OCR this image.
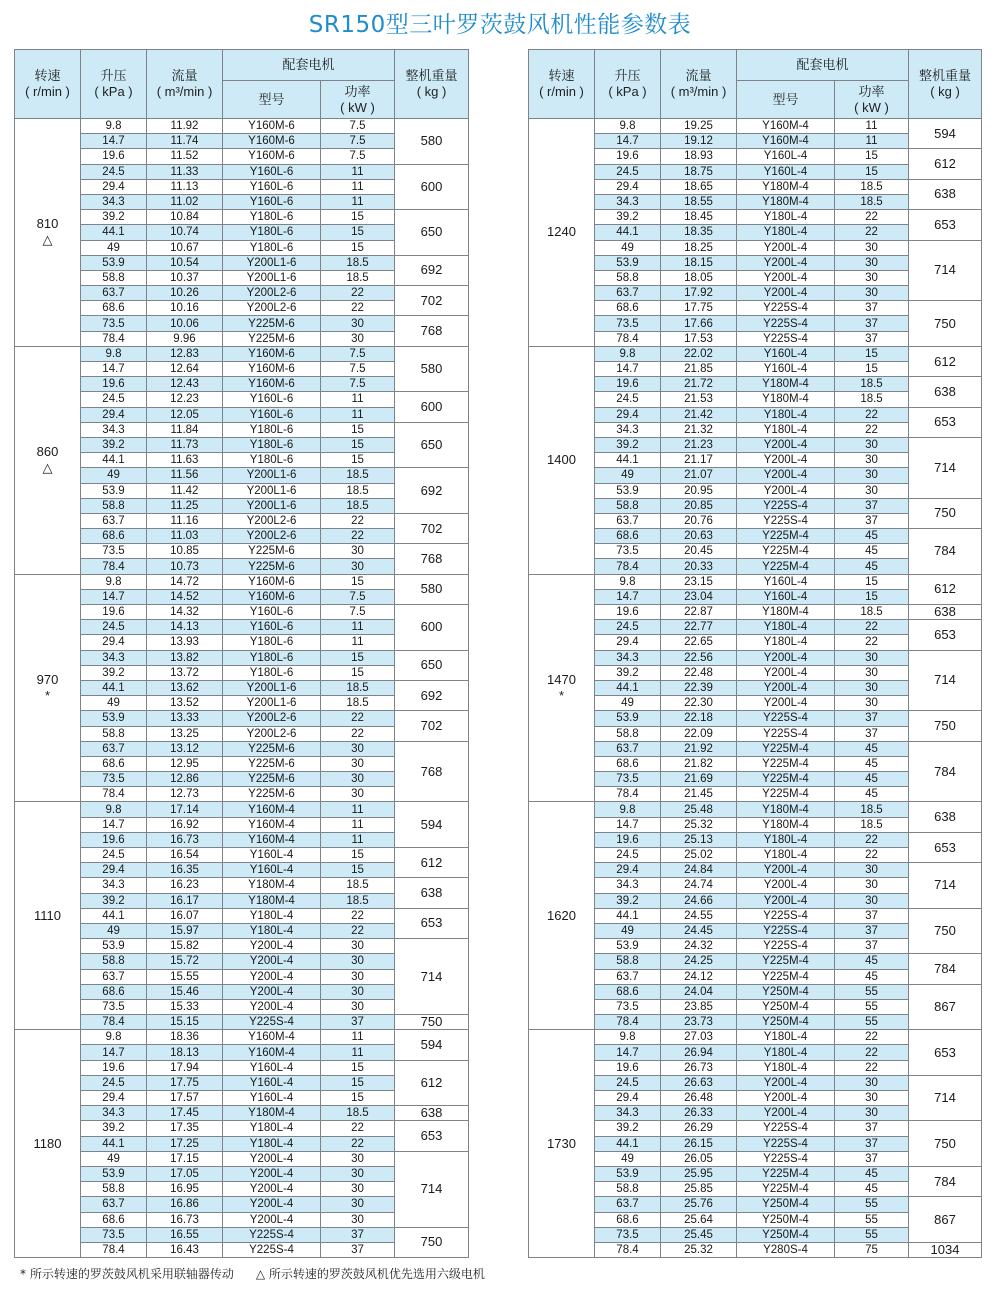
SR150型三叶罗茨鼓风机性能参数表
转速
( r/min )	升压
( kPa )	流量
( m³/min )	配套电机		整机重量
( kg )
			型号	功率
( kW )	
810
△	9.8	11.92	Y160M-6	7.5	580
	14.7	11.74	Y160M-6	7.5	
	19.6	11.52	Y160M-6	7.5	
	24.5	11.33	Y160L-6	11	600
	29.4	11.13	Y160L-6	11	
	34.3	11.02	Y160L-6	11	
	39.2	10.84	Y180L-6	15	650
	44.1	10.74	Y180L-6	15	
	49	10.67	Y180L-6	15	
	53.9	10.54	Y200L1-6	18.5	692
	58.8	10.37	Y200L1-6	18.5	
	63.7	10.26	Y200L2-6	22	702
	68.6	10.16	Y200L2-6	22	
	73.5	10.06	Y225M-6	30	768
	78.4	9.96	Y225M-6	30	
860
△	9.8	12.83	Y160M-6	7.5	580
	14.7	12.64	Y160M-6	7.5	
	19.6	12.43	Y160M-6	7.5	
	24.5	12.23	Y160L-6	11	600
	29.4	12.05	Y160L-6	11	
	34.3	11.84	Y180L-6	15	650
	39.2	11.73	Y180L-6	15	
	44.1	11.63	Y180L-6	15	
	49	11.56	Y200L1-6	18.5	692
	53.9	11.42	Y200L1-6	18.5	
	58.8	11.25	Y200L1-6	18.5	
	63.7	11.16	Y200L2-6	22	702
	68.6	11.03	Y200L2-6	22	
	73.5	10.85	Y225M-6	30	768
	78.4	10.73	Y225M-6	30	
970
*	9.8	14.72	Y160M-6	15	580
	14.7	14.52	Y160M-6	7.5	
	19.6	14.32	Y160L-6	7.5	600
	24.5	14.13	Y160L-6	11	
	29.4	13.93	Y180L-6	11	
	34.3	13.82	Y180L-6	15	650
	39.2	13.72	Y180L-6	15	
	44.1	13.62	Y200L1-6	18.5	692
	49	13.52	Y200L1-6	18.5	
	53.9	13.33	Y200L2-6	22	702
	58.8	13.25	Y200L2-6	22	
	63.7	13.12	Y225M-6	30	768
	68.6	12.95	Y225M-6	30	
	73.5	12.86	Y225M-6	30	
	78.4	12.73	Y225M-6	30	
1110	9.8	17.14	Y160M-4	11	594
	14.7	16.92	Y160M-4	11	
	19.6	16.73	Y160M-4	11	
	24.5	16.54	Y160L-4	15	612
	29.4	16.35	Y160L-4	15	
	34.3	16.23	Y180M-4	18.5	638
	39.2	16.17	Y180M-4	18.5	
	44.1	16.07	Y180L-4	22	653
	49	15.97	Y180L-4	22	
	53.9	15.82	Y200L-4	30	714
	58.8	15.72	Y200L-4	30	
	63.7	15.55	Y200L-4	30	
	68.6	15.46	Y200L-4	30	
	73.5	15.33	Y200L-4	30	
	78.4	15.15	Y225S-4	37	750
1180	9.8	18.36	Y160M-4	11	594
	14.7	18.13	Y160M-4	11	
	19.6	17.94	Y160L-4	15	612
	24.5	17.75	Y160L-4	15	
	29.4	17.57	Y160L-4	15	
	34.3	17.45	Y180M-4	18.5	638
	39.2	17.35	Y180L-4	22	653
	44.1	17.25	Y180L-4	22	
	49	17.15	Y200L-4	30	714
	53.9	17.05	Y200L-4	30	
	58.8	16.95	Y200L-4	30	
	63.7	16.86	Y200L-4	30	
	68.6	16.73	Y200L-4	30	
	73.5	16.55	Y225S-4	37	750
	78.4	16.43	Y225S-4	37	
转速
( r/min )	升压
( kPa )	流量
( m³/min )	配套电机		整机重量
( kg )
			型号	功率
( kW )	
1240	9.8	19.25	Y160M-4	11	594
	14.7	19.12	Y160M-4	11	
	19.6	18.93	Y160L-4	15	612
	24.5	18.75	Y160L-4	15	
	29.4	18.65	Y180M-4	18.5	638
	34.3	18.55	Y180M-4	18.5	
	39.2	18.45	Y180L-4	22	653
	44.1	18.35	Y180L-4	22	
	49	18.25	Y200L-4	30	714
	53.9	18.15	Y200L-4	30	
	58.8	18.05	Y200L-4	30	
	63.7	17.92	Y200L-4	30	
	68.6	17.75	Y225S-4	37	750
	73.5	17.66	Y225S-4	37	
	78.4	17.53	Y225S-4	37	
1400	9.8	22.02	Y160L-4	15	612
	14.7	21.85	Y160L-4	15	
	19.6	21.72	Y180M-4	18.5	638
	24.5	21.53	Y180M-4	18.5	
	29.4	21.42	Y180L-4	22	653
	34.3	21.32	Y180L-4	22	
	39.2	21.23	Y200L-4	30	714
	44.1	21.17	Y200L-4	30	
	49	21.07	Y200L-4	30	
	53.9	20.95	Y200L-4	30	
	58.8	20.85	Y225S-4	37	750
	63.7	20.76	Y225S-4	37	
	68.6	20.63	Y225M-4	45	784
	73.5	20.45	Y225M-4	45	
	78.4	20.33	Y225M-4	45	
1470
*	9.8	23.15	Y160L-4	15	612
	14.7	23.04	Y160L-4	15	
	19.6	22.87	Y180M-4	18.5	638
	24.5	22.77	Y180L-4	22	653
	29.4	22.65	Y180L-4	22	
	34.3	22.56	Y200L-4	30	714
	39.2	22.48	Y200L-4	30	
	44.1	22.39	Y200L-4	30	
	49	22.30	Y200L-4	30	
	53.9	22.18	Y225S-4	37	750
	58.8	22.09	Y225S-4	37	
	63.7	21.92	Y225M-4	45	784
	68.6	21.82	Y225M-4	45	
	73.5	21.69	Y225M-4	45	
	78.4	21.45	Y225M-4	45	
1620	9.8	25.48	Y180M-4	18.5	638
	14.7	25.32	Y180M-4	18.5	
	19.6	25.13	Y180L-4	22	653
	24.5	25.02	Y180L-4	22	
	29.4	24.84	Y200L-4	30	714
	34.3	24.74	Y200L-4	30	
	39.2	24.66	Y200L-4	30	
	44.1	24.55	Y225S-4	37	750
	49	24.45	Y225S-4	37	
	53.9	24.32	Y225S-4	37	
	58.8	24.25	Y225M-4	45	784
	63.7	24.12	Y225M-4	45	
	68.6	24.04	Y250M-4	55	867
	73.5	23.85	Y250M-4	55	
	78.4	23.73	Y250M-4	55	
1730	9.8	27.03	Y180L-4	22	653
	14.7	26.94	Y180L-4	22	
	19.6	26.73	Y180L-4	22	
	24.5	26.63	Y200L-4	30	714
	29.4	26.48	Y200L-4	30	
	34.3	26.33	Y200L-4	30	
	39.2	26.29	Y225S-4	37	750
	44.1	26.15	Y225S-4	37	
	49	26.05	Y225S-4	37	
	53.9	25.95	Y225M-4	45	784
	58.8	25.85	Y225M-4	45	
	63.7	25.76	Y250M-4	55	867
	68.6	25.64	Y250M-4	55	
	73.5	25.45	Y250M-4	55	
	78.4	25.32	Y280S-4	75	1034
* 所示转速的罗茨鼓风机采用联轴器传动 △ 所示转速的罗茨鼓风机优先选用六级电机
